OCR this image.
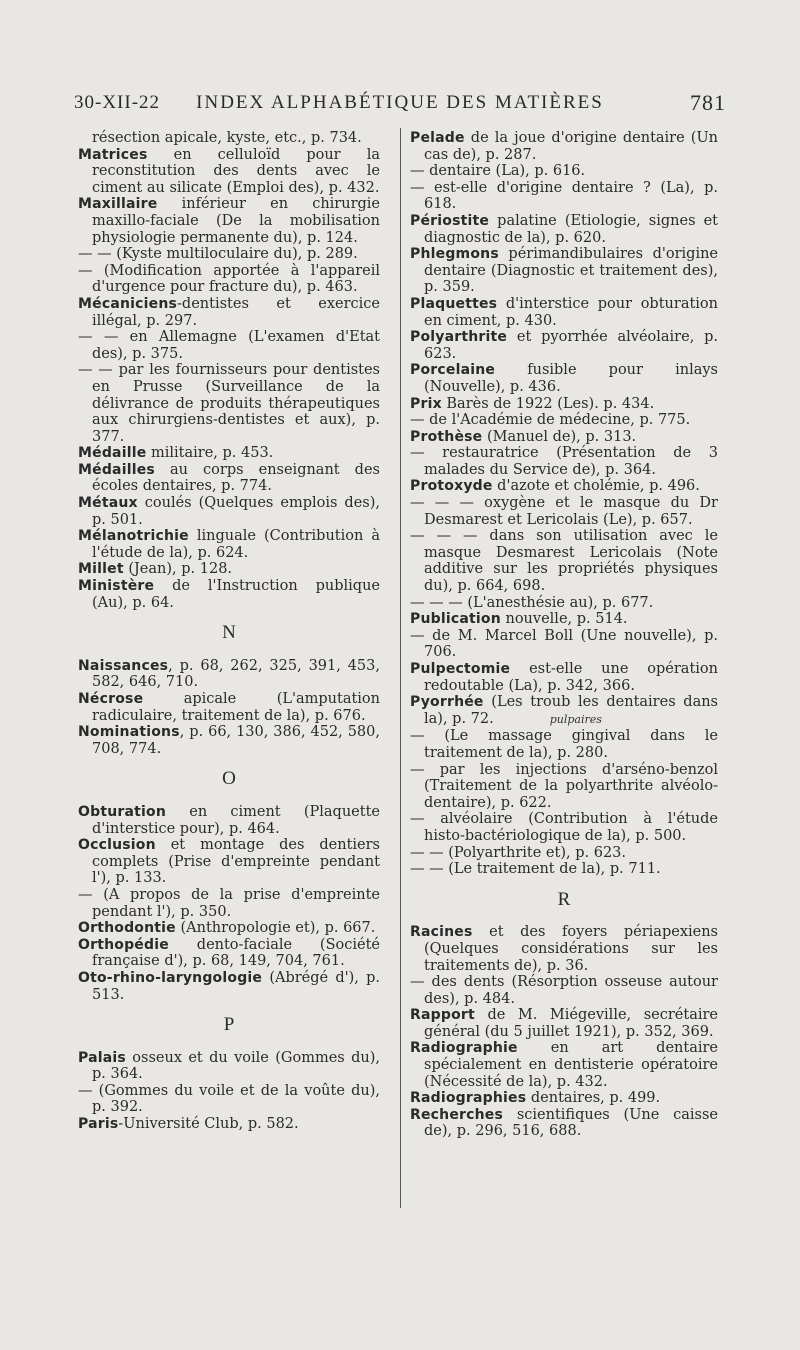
30-XII-22	INDEX ALPHABÉTIQUE DES MATIÈRES	781

résection apicale, kyste, etc., p. 734.

Matrices en celluloïd pour la reconstitution des dents avec le ciment au silicate (Emploi des), p. 432.

Maxillaire inférieur en chirurgie maxillo-faciale (De la mobilisation physiologie permanente du), p. 124.

— — (Kyste multiloculaire du), p. 289.

— (Modification apportée à l'appareil d'urgence pour fracture du), p. 463.

Mécaniciens-dentistes et exercice illégal, p. 297.

— — en Allemagne (L'examen d'Etat des), p. 375.

— — par les fournisseurs pour dentistes en Prusse (Surveillance de la délivrance de produits thérapeutiques aux chirurgiens-dentistes et aux), p. 377.

Médaille militaire, p. 453.

Médailles au corps enseignant des écoles dentaires, p. 774.

Métaux coulés (Quelques emplois des), p. 501.

Mélanotrichie linguale (Contribution à l'étude de la), p. 624.

Millet (Jean), p. 128.

Ministère de l'Instruction publique (Au), p. 64.

N

Naissances, p. 68, 262, 325, 391, 453, 582, 646, 710.

Nécrose apicale (L'amputation radiculaire, traitement de la), p. 676.

Nominations, p. 66, 130, 386, 452, 580, 708, 774.

O

Obturation en ciment (Plaquette d'interstice pour), p. 464.

Occlusion et montage des dentiers complets (Prise d'empreinte pendant l'), p. 133.

— (A propos de la prise d'empreinte pendant l'), p. 350.

Orthodontie (Anthropologie et), p. 667.

Orthopédie dento-faciale (Société française d'), p. 68, 149, 704, 761.

Oto-rhino-laryngologie (Abrégé d'), p. 513.

P

Palais osseux et du voile (Gommes du), p. 364.

— (Gommes du voile et de la voûte du), p. 392.

Paris-Université Club, p. 582.

Pelade de la joue d'origine dentaire (Un cas de), p. 287.

— dentaire (La), p. 616.

— est-elle d'origine dentaire ? (La), p. 618.

Périostite palatine (Etiologie, signes et diagnostic de la), p. 620.

Phlegmons périmandibulaires d'origine dentaire (Diagnostic et traitement des), p. 359.

Plaquettes d'interstice pour obturation en ciment, p. 430.

Polyarthrite et pyorrhée alvéolaire, p. 623.

Porcelaine fusible pour inlays (Nouvelle), p. 436.

Prix Barès de 1922 (Les). p. 434.

— de l'Académie de médecine, p. 775.

Prothèse (Manuel de), p. 313.

— restauratrice (Présentation de 3 malades du Service de), p. 364.

Protoxyde d'azote et cholémie, p. 496.

— — — oxygène et le masque du Dr Desmarest et Lericolais (Le), p. 657.

— — — dans son utilisation avec le masque Desmarest Lericolais (Note additive sur les propriétés physiques du), p. 664, 698.

— — — (L'anesthésie au), p. 677.

Publication nouvelle, p. 514.

— de M. Marcel Boll (Une nouvelle), p. 706.

Pulpectomie est-elle une opération redoutable (La), p. 342, 366.

Pyorrhée (Les troub les dentaires dans la), p. 72.	pulpaires

— (Le massage gingival dans le traitement de la), p. 280.

— par les injections d'arséno-benzol (Traitement de la polyarthrite alvéolo-dentaire), p. 622.

— alvéolaire (Contribution à l'étude histo-bactériologique de la), p. 500.

— — (Polyarthrite et), p. 623.

— — (Le traitement de la), p. 711.

R

Racines et des foyers périapexiens (Quelques considérations sur les traitements de), p. 36.

— des dents (Résorption osseuse autour des), p. 484.

Rapport de M. Miégeville, secrétaire général (du 5 juillet 1921), p. 352, 369.

Radiographie en art dentaire spécialement en dentisterie opératoire (Nécessité de la), p. 432.

Radiographies dentaires, p. 499.

Recherches scientifiques (Une caisse de), p. 296, 516, 688.
